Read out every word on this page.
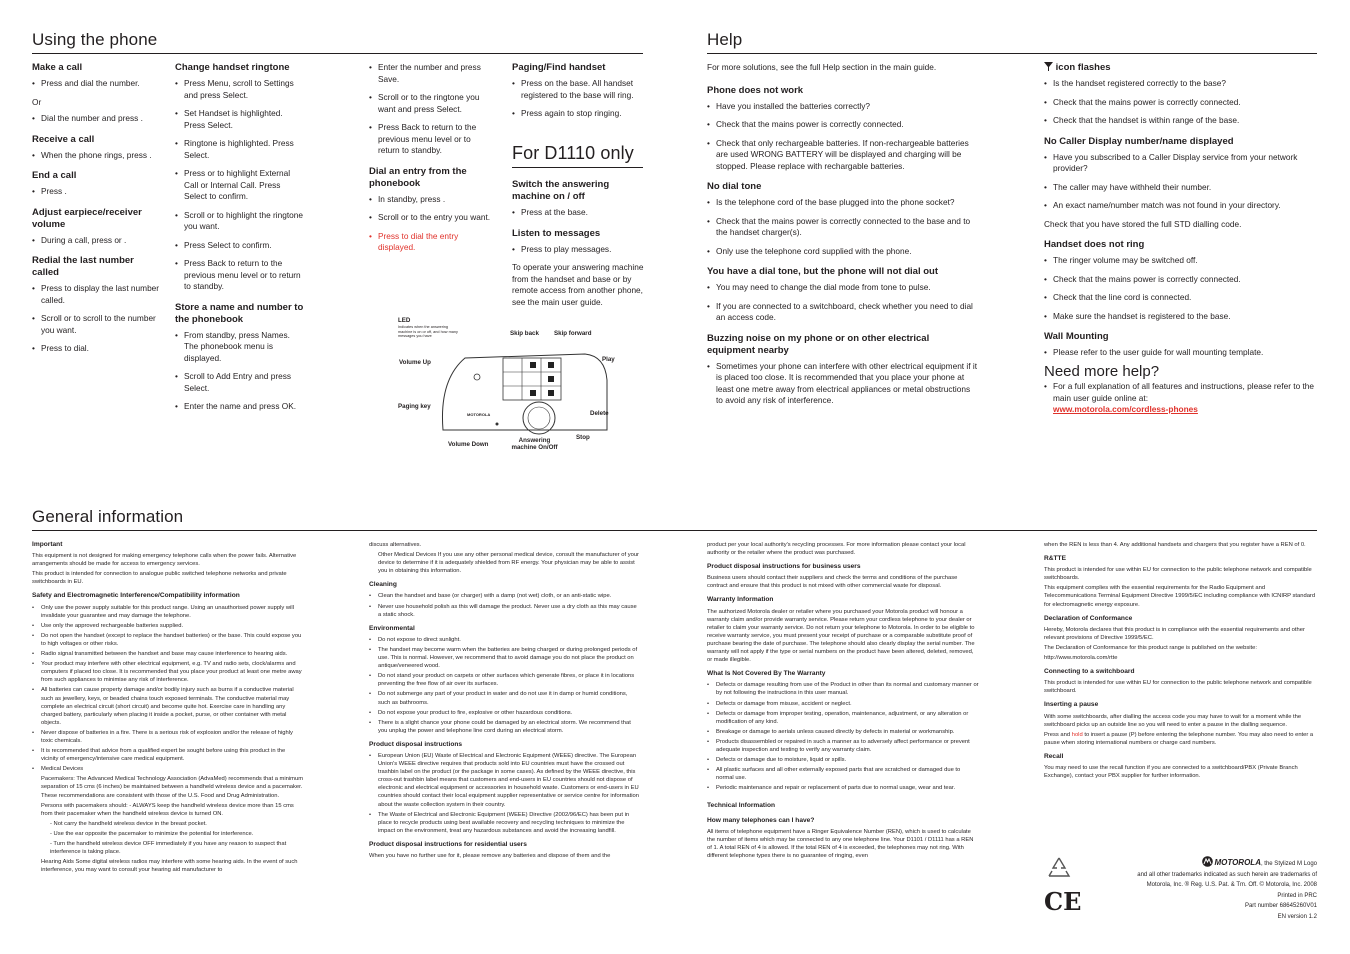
Using the phone
Make a call
• Press and dial the number.

Or

• Dial the number and press .
Receive a call
• When the phone rings, press .
End a call
• Press .
Adjust earpiece/receiver volume
• During a call, press or .
Redial the last number called
• Press to display the last number called.
• Scroll or to scroll to the number you want.
• Press to dial.
Change handset ringtone
• Press Menu, scroll to Settings and press Select.
• Set Handset is highlighted. Press Select.
• Ringtone is highlighted. Press Select.
• Press or to highlight External Call or Internal Call. Press Select to confirm.
• Scroll or to highlight the ringtone you want.
• Press Select to confirm.
• Press Back to return to the previous menu level or to return to standby.
Store a name and number to the phonebook
• From standby, press Names. The phonebook menu is displayed.
• Scroll to Add Entry and press Select.
• Enter the name and press OK.
• Enter the number and press Save.
• Scroll or to the ringtone you want and press Select.
• Press Back to return to the previous menu level or to return to standby.
Dial an entry from the phonebook
• In standby, press .
• Scroll or to the entry you want.
• Press to dial the entry displayed.
Paging/Find handset
• Press on the base. All handset registered to the base will ring.
• Press again to stop ringing.
For D1110 only
Switch the answering machine on / off
• Press at the base.
Listen to messages
• Press to play messages.

To operate your answering machine from the handset and base or by remote access from another phone, see the main user guide.

LED
Indicates when the answering machine is on or off, and how many messages you have	Skip back Skip forward
Volume Up	Play
Paging key
Delete
Stop
Volume Down
Answering machine On/Off
MOTOROLA
Help

For more solutions, see the full Help section in the main guide.

Phone does not work
• Have you installed the batteries correctly?
• Check that the mains power is correctly connected.
• Check that only rechargeable batteries. If non-rechargeable batteries are used WRONG BATTERY will be displayed and charging will be stopped. Please replace with rechargable batteries.
No dial tone
• Is the telephone cord of the base plugged into the phone socket?
• Check that the mains power is correctly connected to the base and to the handset charger(s).
• Only use the telephone cord supplied with the phone.
You have a dial tone, but the phone will not dial out
• You may need to change the dial mode from tone to pulse.
• If you are connected to a switchboard, check whether you need to dial an access code.
Buzzing noise on my phone or on other electrical equipment nearby
• Sometimes your phone can interfere with other electrical equipment if it is placed too close. It is recommended that you place your phone at least one metre away from electrical appliances or metal obstructions to avoid any risk of interference.
icon flashes
• Is the handset registered correctly to the base?
• Check that the mains power is correctly connected.
• Check that the handset is within range of the base.
No Caller Display number/name displayed
• Have you subscribed to a Caller Display service from your network provider?
• The caller may have withheld their number.
• An exact name/number match was not found in your directory.

Check that you have stored the full STD dialling code.

Handset does not ring
• The ringer volume may be switched off.
• Check that the mains power is correctly connected.
• Check that the line cord is connected.
• Make sure the handset is registered to the base.
Wall Mounting
• Please refer to the user guide for wall mounting template.
Need more help?
• For a full explanation of all features and instructions, please refer to the main user guide online at:
www.motorola.com/cordless-phones
General information
Important

This equipment is not designed for making emergency telephone calls when the power fails. Alternative arrangements should be made for access to emergency services.

This product is intended for connection to analogue public switched telephone networks and private switchboards in EU.

Safety and Electromagnetic Interference/Compatibility information
• Only use the power supply suitable for this product range. Using an unauthorised power supply will invalidate your guarantee and may damage the telephone.
• Use only the approved rechargeable batteries supplied.
• Do not open the handset (except to replace the handset batteries) or the base. This could expose you to high voltages or other risks.
• Radio signal transmitted between the handset and base may cause interference to hearing aids.
• Your product may interfere with other electrical equipment, e.g. TV and radio sets, clock/alarms and computers if placed too close. It is recommended that you place your product at least one metre away from such appliances to minimise any risk of interference.
• All batteries can cause property damage and/or bodily injury such as burns if a conductive material such as jewellery, keys, or beaded chains touch exposed terminals. The conductive material may complete an electrical circuit (short circuit) and become quite hot. Exercise care in handling any charged battery, particularly when placing it inside a pocket, purse, or other container with metal objects.
• Never dispose of batteries in a fire. There is a serious risk of explosion and/or the release of highly toxic chemicals.
• It is recommended that advice from a qualified expert be sought before using this product in the vicinity of emergency/intensive care medical equipment.
• Medical Devices

Pacemakers: The Advanced Medical Technology Association (AdvaMed) recommends that a minimum separation of 15 cms (6 inches) be maintained between a handheld wireless device and a pacemaker. These recommendations are consistent with those of the U.S. Food and Drug Administration.

Persons with pacemakers should: - ALWAYS keep the handheld wireless device more than 15 cms from their pacemaker when the handheld wireless device is turned ON.

- Not carry the handheld wireless device in the breast pocket.

- Use the ear opposite the pacemaker to minimize the potential for interference.

- Turn the handheld wireless device OFF immediately if you have any reason to suspect that interference is taking place.

Hearing Aids Some digital wireless radios may interfere with some hearing aids. In the event of such interference, you may want to consult your hearing aid manufacturer to

discuss alternatives.

Other Medical Devices If you use any other personal medical device, consult the manufacturer of your device to determine if it is adequately shielded from RF energy. Your physician may be able to assist you in obtaining this information.

Cleaning
• Clean the handset and base (or charger) with a damp (not wet) cloth, or an anti-static wipe.
• Never use household polish as this will damage the product. Never use a dry cloth as this may cause a static shock.
Environmental
• Do not expose to direct sunlight.
• The handset may become warm when the batteries are being charged or during prolonged periods of use. This is normal. However, we recommend that to avoid damage you do not place the product on antique/veneered wood.
• Do not stand your product on carpets or other surfaces which generate fibres, or place it in locations preventing the free flow of air over its surfaces.
• Do not submerge any part of your product in water and do not use it in damp or humid conditions, such as bathrooms.
• Do not expose your product to fire, explosive or other hazardous conditions.
• There is a slight chance your phone could be damaged by an electrical storm. We recommend that you unplug the power and telephone line cord during an electrical storm.
Product disposal instructions
• European Union (EU) Waste of Electrical and Electronic Equipment (WEEE) directive. The European Union's WEEE directive requires that products sold into EU countries must have the crossed out trashbin label on the product (or the package in some cases). As defined by the WEEE directive, this cross-out trashbin label means that customers and end-users in EU countries should not dispose of electronic and electrical equipment or accessories in household waste. Customers or end-users in EU countries should contact their local equipment supplier representative or service centre for information about the waste collection system in their country.
• The Waste of Electrical and Electronic Equipment (WEEE) Directive (2002/96/EC) has been put in place to recycle products using best available recovery and recycling techniques to minimize the impact on the environment, treat any hazardous substances and avoid the increasing landfill.
Product disposal instructions for residential users

When you have no further use for it, please remove any batteries and dispose of them and the

product per your local authority's recycling processes. For more information please contact your local authority or the retailer where the product was purchased.

Product disposal instructions for business users

Business users should contact their suppliers and check the terms and conditions of the purchase contract and ensure that this product is not mixed with other commercial waste for disposal.

Warranty Information

The authorized Motorola dealer or retailer where you purchased your Motorola product will honour a warranty claim and/or provide warranty service. Please return your cordless telephone to your dealer or retailer to claim your warranty service. Do not return your telephone to Motorola. In order to be eligible to receive warranty service, you must present your receipt of purchase or a comparable substitute proof of purchase bearing the date of purchase. The telephone should also clearly display the serial number. The warranty will not apply if the type or serial numbers on the product have been altered, deleted, removed, or made illegible.

What Is Not Covered By The Warranty
• Defects or damage resulting from use of the Product in other than its normal and customary manner or by not following the instructions in this user manual.
• Defects or damage from misuse, accident or neglect.
• Defects or damage from improper testing, operation, maintenance, adjustment, or any alteration or modification of any kind.
• Breakage or damage to aerials unless caused directly by defects in material or workmanship.
• Products disassembled or repaired in such a manner as to adversely affect performance or prevent adequate inspection and testing to verify any warranty claim.
• Defects or damage due to moisture, liquid or spills.
• All plastic surfaces and all other externally exposed parts that are scratched or damaged due to normal use.
• Periodic maintenance and repair or replacement of parts due to normal usage, wear and tear.
Technical Information
How many telephones can I have?

All items of telephone equipment have a Ringer Equivalence Number (REN), which is used to calculate the number of items which may be connected to any one telephone line. Your D1101 / D1111 has a REN of 1. A total REN of 4 is allowed. If the total REN of 4 is exceeded, the telephones may not ring. With different telephone types there is no guarantee of ringing, even

when the REN is less than 4. Any additional handsets and chargers that you register have a REN of 0.

R&TTE

This product is intended for use within EU for connection to the public telephone network and compatible switchboards.

This equipment complies with the essential requirements for the Radio Equipment and Telecommunications Terminal Equipment Directive 1999/5/EC including compliance with ICNIRP standard for electromagnetic energy exposure.

Declaration of Conformance

Hereby, Motorola declares that this product is in compliance with the essential requirements and other relevant provisions of Directive 1999/5/EC.

The Declaration of Conformance for this product range is published on the website:

http://www.motorola.com/rtte

Connecting to a switchboard

This product is intended for use within EU for connection to the public telephone network and compatible switchboard.

Inserting a pause

With some switchboards, after dialling the access code you may have to wait for a moment while the switchboard picks up an outside line so you will need to enter a pause in the dialling sequence.

Press and hold to insert a pause (P) before entering the telephone number. You may also need to enter a pause when storing international numbers or charge card numbers.

Recall

You may need to use the recall function if you are connected to a switchboard/PBX (Private Branch Exchange), contact your PBX supplier for further information.

CE
MOTOROLA, the Stylized M Logo
and all other trademarks indicated as such herein are trademarks of
Motorola, Inc. ® Reg. U.S. Pat. & Tm. Off. © Motorola, Inc. 2008
Printed in PRC
Part number 68645260V01
EN version 1.2
